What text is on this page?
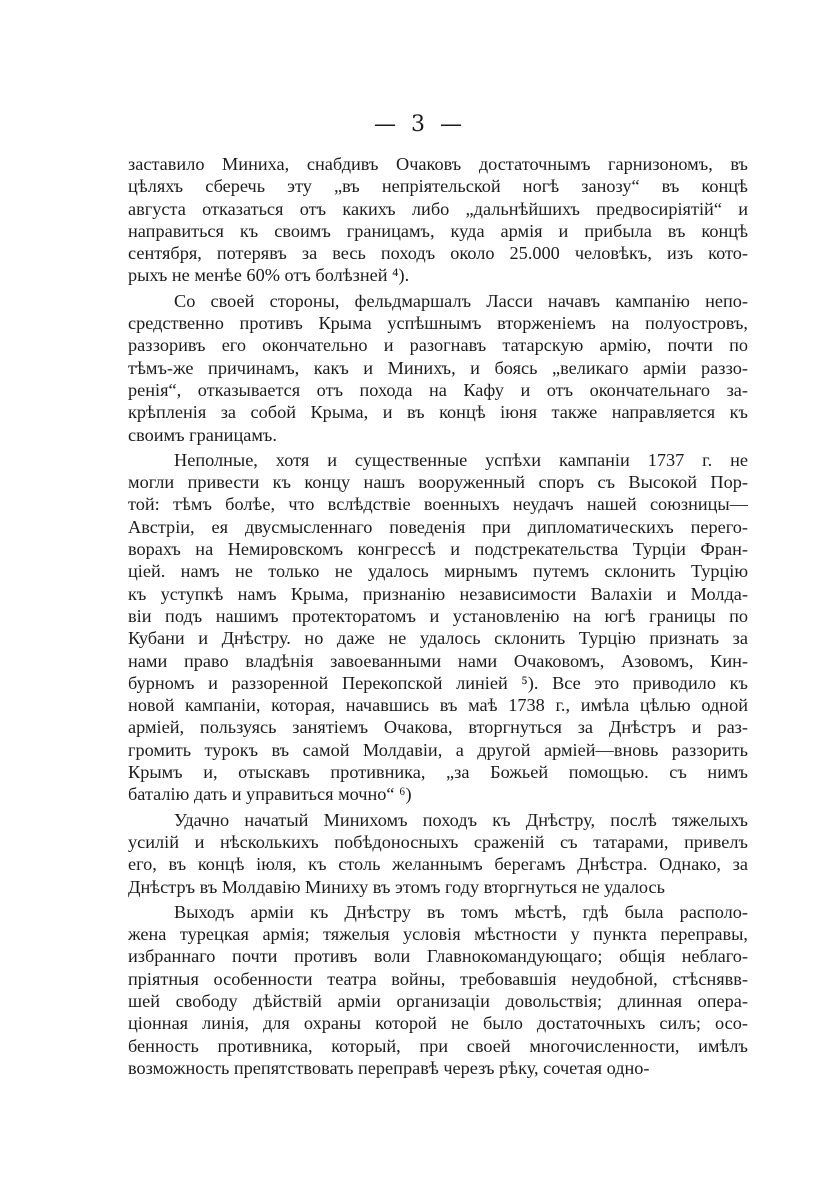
— 3 —
заставило Миниха, снабдивъ Очаковъ достаточнымъ гарнизономъ, въ
цѣляхъ сберечь эту „въ непріятельской ногѣ занозу“ въ концѣ
августа отказаться отъ какихъ либо „дальнѣйшихъ предвосиріятій“ и
направиться къ своимъ границамъ, куда армія и прибыла въ концѣ
сентября, потерявъ за весь походъ около 25.000 человѣкъ, изъ кото-
рыхъ не менѣе 60% отъ болѣзней ⁴).
Со своей стороны, фельдмаршалъ Ласси начавъ кампанію непо-
средственно противъ Крыма успѣшнымъ вторженіемъ на полуостровъ,
раззоривъ его окончательно и разогнавъ татарскую армію, почти по
тѣмъ-же причинамъ, какъ и Минихъ, и боясь „великаго арміи раззо-
ренія“, отказывается отъ похода на Кафу и отъ окончательнаго за-
крѣпленія за собой Крыма, и въ концѣ іюня также направляется къ
своимъ границамъ.
Неполные, хотя и существенные успѣхи кампаніи 1737 г. не
могли привести къ концу нашъ вооруженный споръ съ Высокой Пор-
той: тѣмъ болѣе, что вслѣдствіе военныхъ неудачъ нашей союзницы—
Австріи, ея двусмысленнаго поведенія при дипломатическихъ перего-
ворахъ на Немировскомъ конгрессѣ и подстрекательства Турціи Фран-
ціей. намъ не только не удалось мирнымъ путемъ склонить Турцію
къ уступкѣ намъ Крыма, признанію независимости Валахіи и Молда-
віи подъ нашимъ протекторатомъ и установленію на югѣ границы по
Кубани и Днѣстру. но даже не удалось склонить Турцію признать за
нами право владѣнія завоеванными нами Очаковомъ, Азовомъ, Кин-
бурномъ и раззоренной Перекопской линіей ⁵). Все это приводило къ
новой кампаніи, которая, начавшись въ маѣ 1738 г., имѣла цѣлью одной
арміей, пользуясь занятіемъ Очакова, вторгнуться за Днѣстръ и раз-
громить турокъ въ самой Молдавіи, а другой арміей—вновь раззорить
Крымъ и, отыскавъ противника, „за Божьей помощью. съ нимъ
баталію дать и управиться мочно“ ⁶)
Удачно начатый Минихомъ походъ къ Днѣстру, послѣ тяжелыхъ
усилій и нѣсколькихъ побѣдоносныхъ сраженій съ татарами, привелъ
его, въ концѣ іюля, къ столь желаннымъ берегамъ Днѣстра. Однако, за
Днѣстръ въ Молдавію Миниху въ этомъ году вторгнуться не удалось
Выходъ арміи къ Днѣстру въ томъ мѣстѣ, гдѣ была располо-
жена турецкая армія; тяжелыя условія мѣстности у пункта переправы,
избраннаго почти противъ воли Главнокомандующаго; общія неблаго-
пріятныя особенности театра войны, требовавшія неудобной, стѣснявв-
шей свободу дѣйствій арміи организаціи довольствія; длинная опера-
ціонная линія, для охраны которой не было достаточныхъ силъ; осо-
бенность противника, который, при своей многочисленности, имѣлъ
возможность препятствовать переправѣ черезъ рѣку, сочетая одно-
